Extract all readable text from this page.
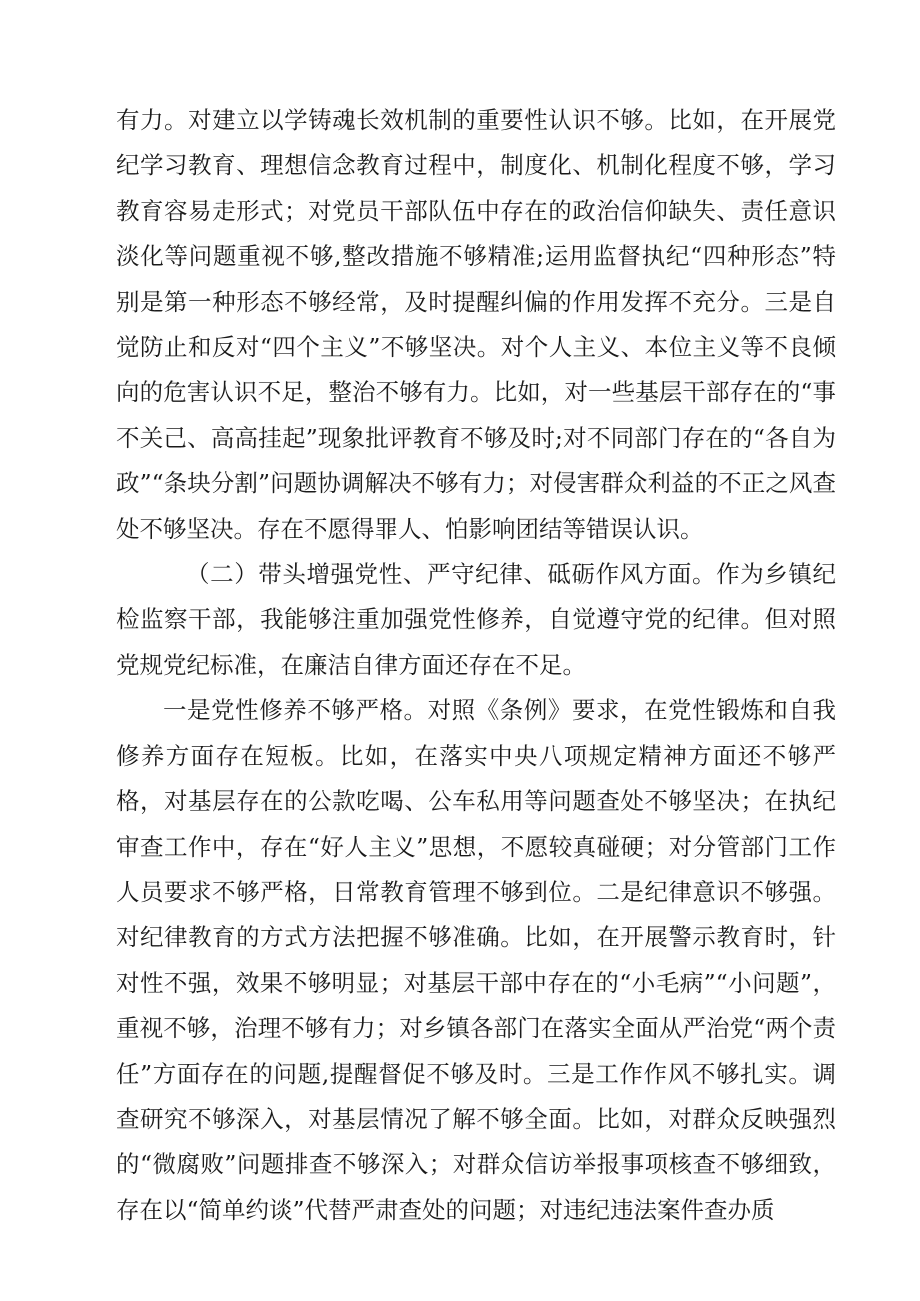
有力。对建立以学铸魂长效机制的重要性认识不够。比如，在开展党纪学习教育、理想信念教育过程中，制度化、机制化程度不够，学习教育容易走形式；对党员干部队伍中存在的政治信仰缺失、责任意识淡化等问题重视不够,整改措施不够精准;运用监督执纪“四种形态”特别是第一种形态不够经常，及时提醒纠偏的作用发挥不充分。三是自觉防止和反对“四个主义”不够坚决。对个人主义、本位主义等不良倾向的危害认识不足，整治不够有力。比如，对一些基层干部存在的“事不关己、高高挂起”现象批评教育不够及时;对不同部门存在的“各自为政”“条块分割”问题协调解决不够有力；对侵害群众利益的不正之风查处不够坚决。存在不愿得罪人、怕影响团结等错误认识。

（二）带头增强党性、严守纪律、砥砺作风方面。作为乡镇纪检监察干部，我能够注重加强党性修养，自觉遵守党的纪律。但对照党规党纪标准，在廉洁自律方面还存在不足。

一是党性修养不够严格。对照《条例》要求，在党性锻炼和自我修养方面存在短板。比如，在落实中央八项规定精神方面还不够严格，对基层存在的公款吃喝、公车私用等问题查处不够坚决；在执纪审查工作中，存在“好人主义”思想，不愿较真碰硬；对分管部门工作人员要求不够严格，日常教育管理不够到位。二是纪律意识不够强。对纪律教育的方式方法把握不够准确。比如，在开展警示教育时，针对性不强，效果不够明显；对基层干部中存在的“小毛病”“小问题”，重视不够，治理不够有力；对乡镇各部门在落实全面从严治党“两个责任”方面存在的问题,提醒督促不够及时。三是工作作风不够扎实。调查研究不够深入，对基层情况了解不够全面。比如，对群众反映强烈的“微腐败”问题排查不够深入；对群众信访举报事项核查不够细致，存在以“简单约谈”代替严肃查处的问题；对违纪违法案件查办质
